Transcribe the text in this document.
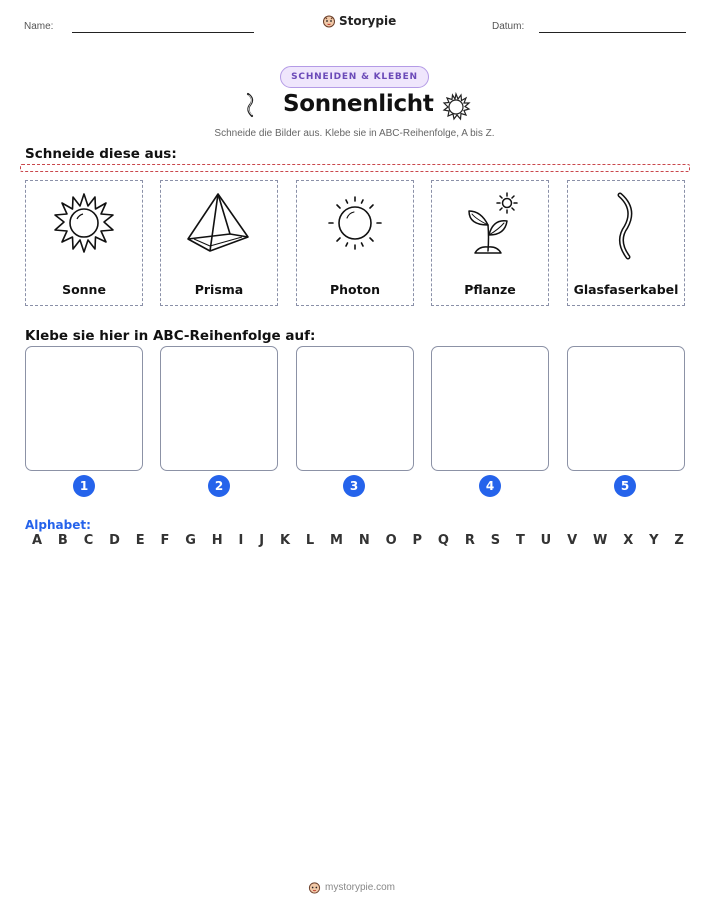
Name:	Storypie	Datum:
SCHNEIDEN & KLEBEN
Sonnenlicht
Schneide die Bilder aus. Klebe sie in ABC-Reihenfolge, A bis Z.
Schneide diese aus:
Sonne	Prisma	Photon	Pflanze	Glasfaserkabel
Klebe sie hier in ABC-Reihenfolge auf:
1	2	3	4	5
Alphabet:
A B C D E F G H I J K L M N O P Q R S T U V W X Y Z
mystorypie.com
